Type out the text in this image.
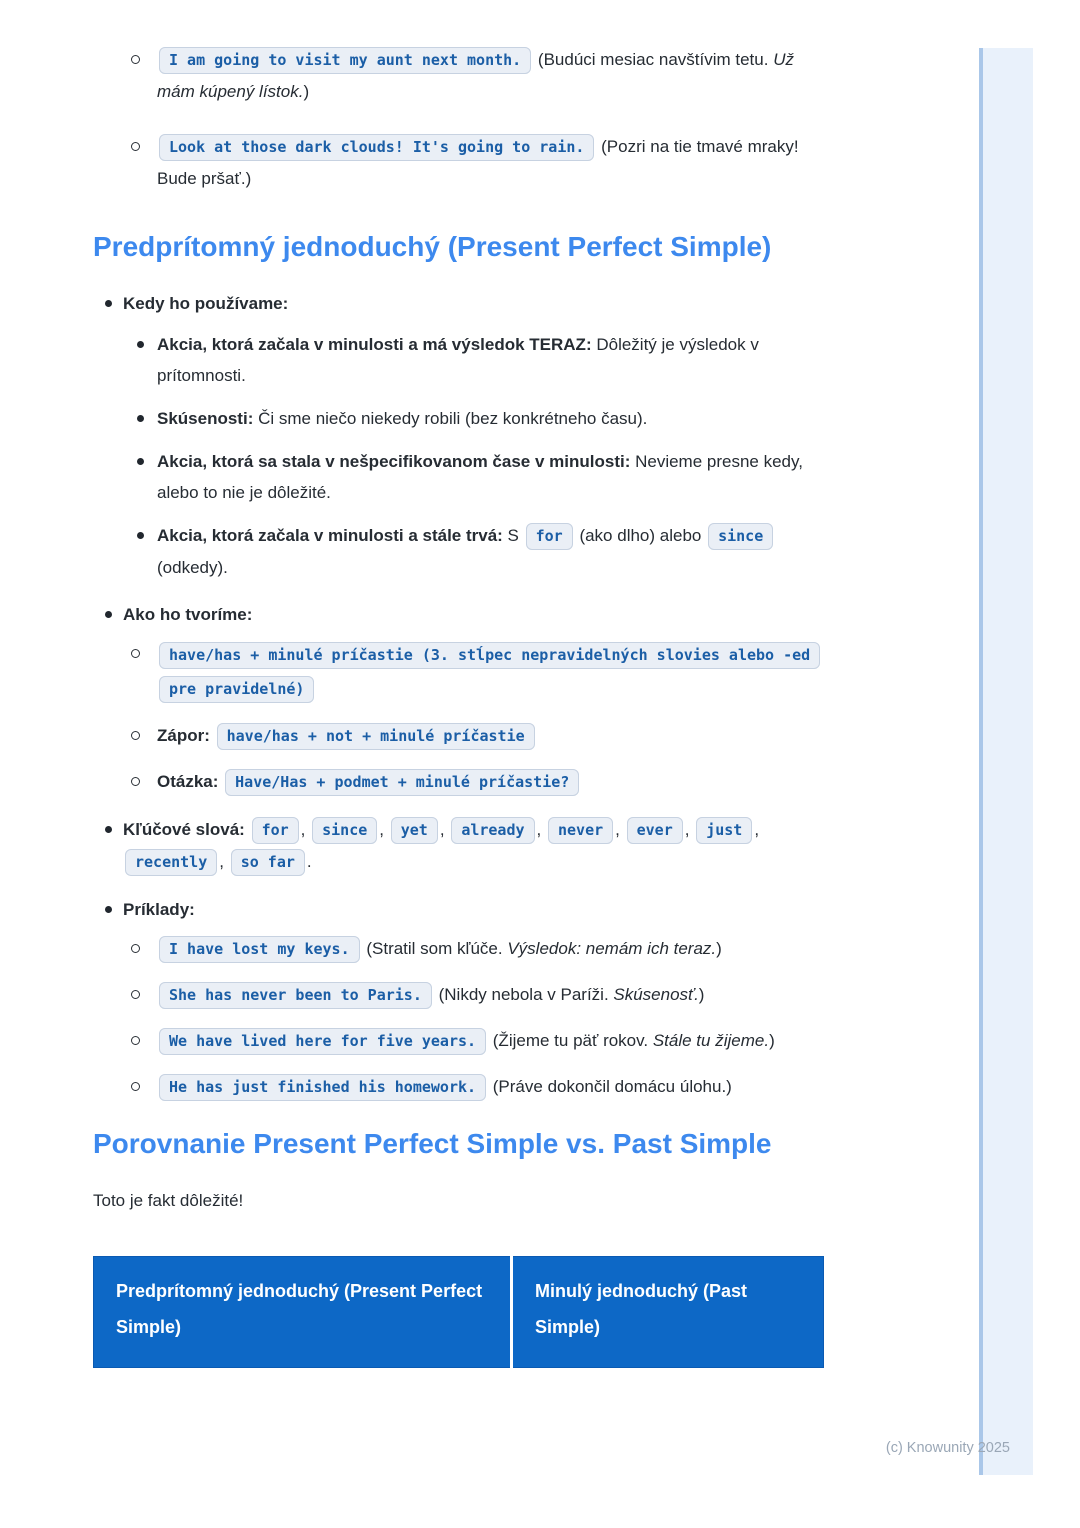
(c) Knowunity 2025
I am going to visit my aunt next month. (Budúci mesiac navštívim tetu. Už mám kúpený lístok.)
Look at those dark clouds! It's going to rain. (Pozri na tie tmavé mraky! Bude pršať.)
Predprítomný jednoduchý (Present Perfect Simple)
Kedy ho používame:
Akcia, ktorá začala v minulosti a má výsledok TERAZ: Dôležitý je výsledok v prítomnosti.
Skúsenosti: Či sme niečo niekedy robili (bez konkrétneho času).
Akcia, ktorá sa stala v nešpecifikovanom čase v minulosti: Nevieme presne kedy, alebo to nie je dôležité.
Akcia, ktorá začala v minulosti a stále trvá: S for (ako dlho) alebo since (odkedy).
Ako ho tvoríme:
have/has + minulé príčastie (3. stĺpec nepravidelných slovies alebo -ed pre pravidelné)
Zápor: have/has + not + minulé príčastie
Otázka: Have/Has + podmet + minulé príčastie?
Kľúčové slová: for , since , yet , already , never , ever , just , recently , so far .
Príklady:
I have lost my keys. (Stratil som kľúče. Výsledok: nemám ich teraz.)
She has never been to Paris. (Nikdy nebola v Paríži. Skúsenosť.)
We have lived here for five years. (Žijeme tu päť rokov. Stále tu žijeme.)
He has just finished his homework. (Práve dokončil domácu úlohu.)
Porovnanie Present Perfect Simple vs. Past Simple

Toto je fakt dôležité!

Predprítomný jednoduchý (Present Perfect Simple)	Minulý jednoduchý (Past Simple)
